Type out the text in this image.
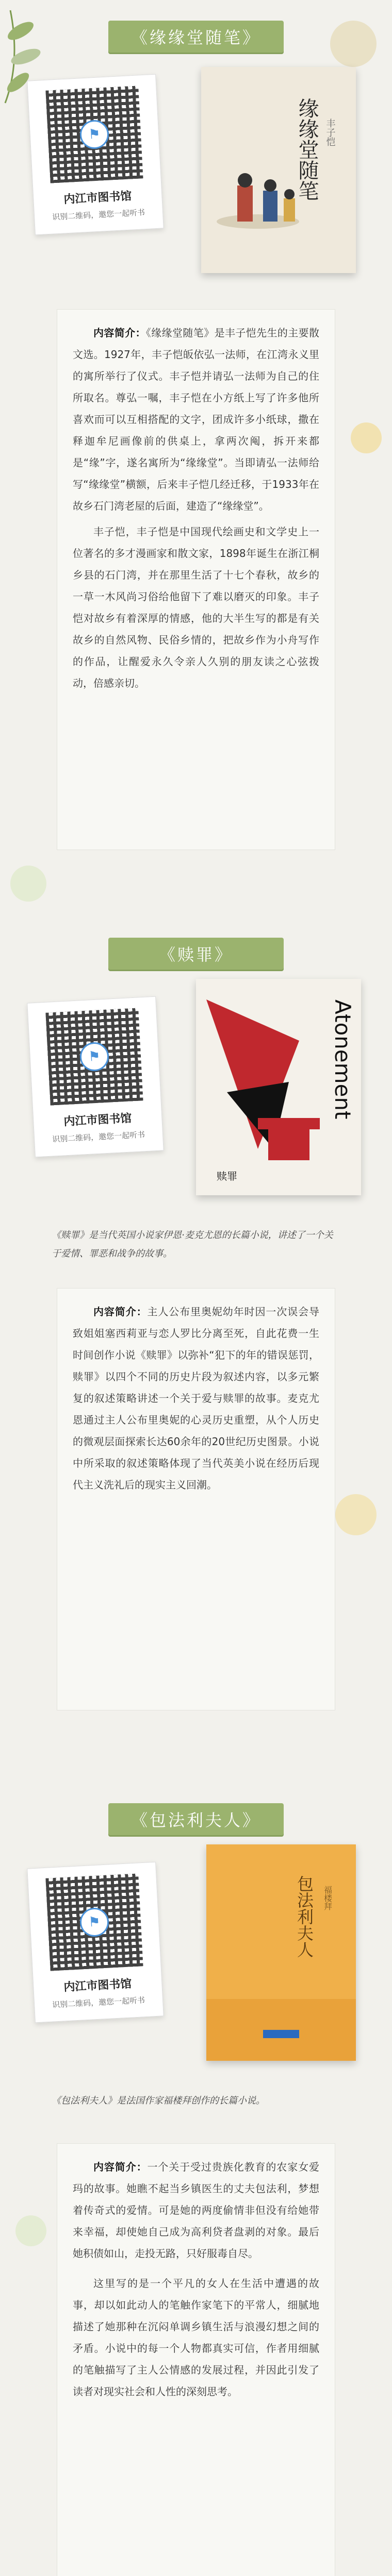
《缘缘堂随笔》
⚑
内江市图书馆
识别二维码，邀您一起听书
缘缘堂随笔 丰子恺

内容简介：《缘缘堂随笔》是丰子恺先生的主要散文选。1927年，丰子恺皈依弘一法师，在江湾永义里的寓所举行了仪式。丰子恺并请弘一法师为自己的住所取名。尊弘一嘱，丰子恺在小方纸上写了许多他所喜欢而可以互相搭配的文字，团成许多小纸球，撒在释迦牟尼画像前的供桌上，拿两次阄，拆开来都是“缘”字，遂名寓所为“缘缘堂”。当即请弘一法师给写“缘缘堂”横额，后来丰子恺几经迁移，于1933年在故乡石门湾老屋的后面，建造了“缘缘堂”。

丰子恺，丰子恺是中国现代绘画史和文学史上一位著名的多才漫画家和散文家，1898年诞生在浙江桐乡县的石门湾，并在那里生活了十七个春秋，故乡的一草一木风尚习俗给他留下了难以磨灭的印象。丰子恺对故乡有着深厚的情感，他的大半生写的都是有关故乡的自然风物、民俗乡情的，把故乡作为小舟写作的作品，让醒爱永久令亲人久别的朋友读之心弦拨动，倍感亲切。

《赎罪》
⚑
内江市图书馆
识别二维码，邀您一起听书
Atonement
赎罪
《赎罪》是当代英国小说家伊恩·麦克尤恩的长篇小说，讲述了一个关于爱情、罪恶和战争的故事。

内容简介：主人公布里奥妮幼年时因一次误会导致姐姐塞西莉亚与恋人罗比分离至死，自此花费一生时间创作小说《赎罪》以弥补“犯下的年的错误惩罚，赎罪》以四个不同的历史片段为叙述内容，以多元繁复的叙述策略讲述一个关于爱与赎罪的故事。麦克尤恩通过主人公布里奥妮的心灵历史重塑，从个人历史的微观层面探索长达60余年的20世纪历史图景。小说中所采取的叙述策略体现了当代英美小说在经历后现代主义洗礼后的现实主义回潮。

《包法利夫人》
⚑
内江市图书馆
识别二维码，邀您一起听书
包法利夫人 福楼拜
《包法利夫人》是法国作家福楼拜创作的长篇小说。

内容简介：一个关于受过贵族化教育的农家女爱玛的故事。她瞧不起当乡镇医生的丈夫包法利，梦想着传奇式的爱情。可是她的两度偷情非但没有给她带来幸福，却使她自己成为高利贷者盘剥的对象。最后她积债如山，走投无路，只好服毒自尽。

这里写的是一个平凡的女人在生活中遭遇的故事，却以如此动人的笔触作家笔下的平常人，细腻地描述了她那种在沉闷单调乡镇生活与浪漫幻想之间的矛盾。小说中的每一个人物都真实可信，作者用细腻的笔触描写了主人公情感的发展过程，并因此引发了读者对现实社会和人性的深刻思考。
